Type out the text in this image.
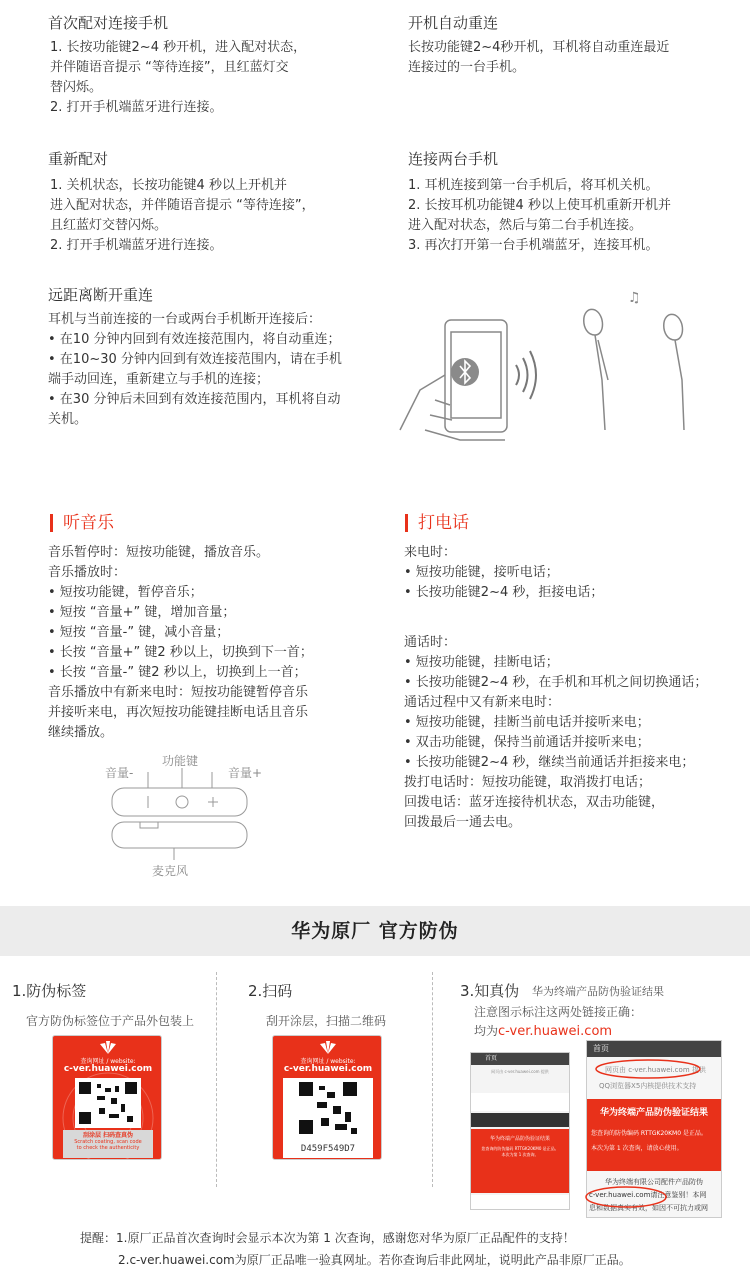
首次配对连接手机
1. 长按功能键2~4 秒开机，进入配对状态，
并伴随语音提示 “等待连接”，且红蓝灯交
替闪烁。
2. 打开手机端蓝牙进行连接。
开机自动重连
长按功能键2~4秒开机，耳机将自动重连最近
连接过的一台手机。
重新配对
1. 关机状态，长按功能键4 秒以上开机并
进入配对状态，并伴随语音提示 “等待连接”，
且红蓝灯交替闪烁。
2. 打开手机端蓝牙进行连接。
连接两台手机
1. 耳机连接到第一台手机后，将耳机关机。
2. 长按耳机功能键4 秒以上使耳机重新开机并
进入配对状态，然后与第二台手机连接。
3. 再次打开第一台手机端蓝牙，连接耳机。
远距离断开重连
耳机与当前连接的一台或两台手机断开连接后：
• 在10 分钟内回到有效连接范围内，将自动重连；
• 在10~30 分钟内回到有效连接范围内，请在手机
端手动回连，重新建立与手机的连接；
• 在30 分钟后未回到有效连接范围内，耳机将自动
关机。
♫
听音乐
音乐暂停时：短按功能键，播放音乐。
音乐播放时：
• 短按功能键，暂停音乐；
• 短按 “音量+” 键，增加音量；
• 短按 “音量-” 键，减小音量；
• 长按 “音量+” 键2 秒以上，切换到下一首；
• 长按 “音量-” 键2 秒以上，切换到上一首；
音乐播放中有新来电时：短按功能键暂停音乐
并接听来电，再次短按功能键挂断电话且音乐
继续播放。
音量-
功能键
音量+
麦克风
打电话
来电时：
• 短按功能键，接听电话；
• 长按功能键2~4 秒，拒接电话；
通话时：
• 短按功能键，挂断电话；
• 长按功能键2~4 秒，在手机和耳机之间切换通话；
通话过程中又有新来电时：
• 短按功能键，挂断当前电话并接听来电；
• 双击功能键，保持当前通话并接听来电；
• 长按功能键2~4 秒，继续当前通话并拒接来电；
拨打电话时：短按功能键，取消拨打电话；
回拨电话：蓝牙连接待机状态，双击功能键，
回拨最后一通去电。
华为原厂 官方防伪
1.防伪标签
官方防伪标签位于产品外包装上
2.扫码
刮开涂层，扫描二维码
3.知真伪 华为终端产品防伪验证结果
注意图示标注这两处链接正确：
均为c-ver.huawei.com
查询网址 / website:
c-ver.huawei.com
刮涂层 扫码查真伪
Scratch coating, scan code
to check the authenticity
查询网址 / website:
c-ver.huawei.com
D459F549D7
首页
网页由 c-ver.huawei.com 提供
华为终端产品防伪验证结果
您查询的防伪编码 RTTGK20KM0 是正品。
本次为第 1 次查询。
首页
网页由 c-ver.huawei.com 提供
QQ浏览器X5内核提供技术支持
华为终端产品防伪验证结果
您查询的防伪编码 RTTGK20KM0 是正品。
本次为第 1 次查询，请放心使用。
华为终端有限公司配件产品防伪
c-ver.huawei.com请注意鉴别！本网
息和数据真实有效，如因不可抗力或网
提醒：1.原厂正品首次查询时会显示本次为第 1 次查询，感谢您对华为原厂正品配件的支持！
2.c-ver.huawei.com为原厂正品唯一验真网址。若你查询后非此网址，说明此产品非原厂正品。
